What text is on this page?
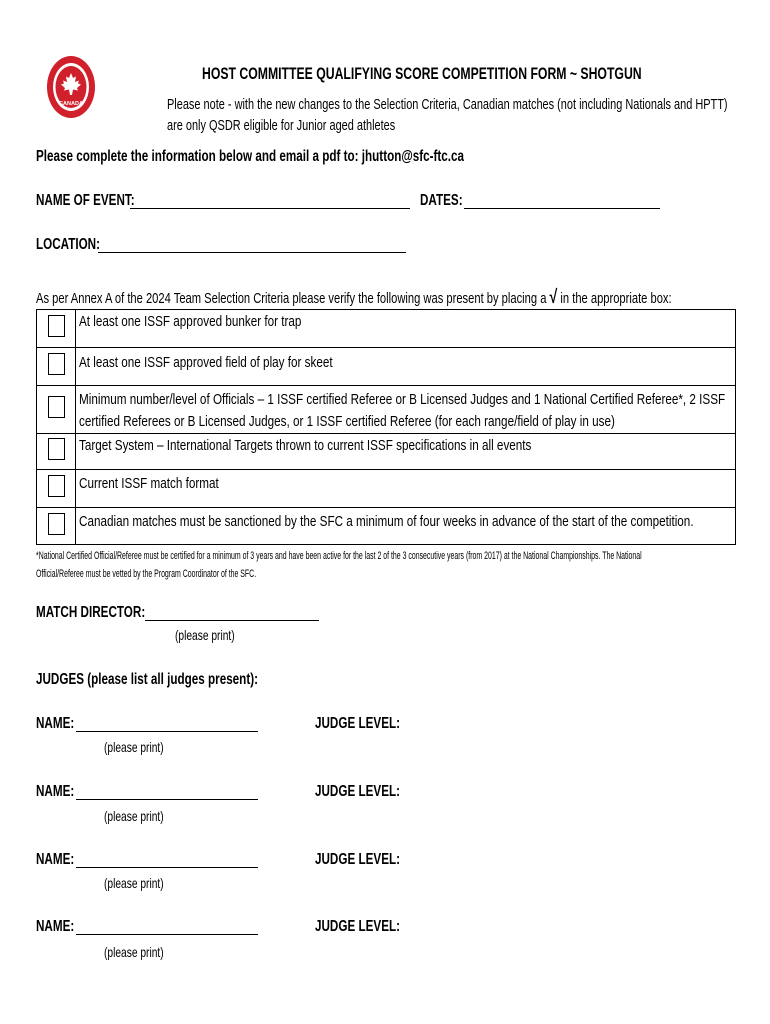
CANADA
HOST COMMITTEE QUALIFYING SCORE COMPETITION FORM ~ SHOTGUN
Please note - with the new changes to the Selection Criteria, Canadian matches (not including Nationals and HPTT)
are only QSDR eligible for Junior aged athletes
Please complete the information below and email a pdf to: jhutton@sfc-ftc.ca
NAME OF EVENT:	DATES:
LOCATION:
As per Annex A of the 2024 Team Selection Criteria please verify the following was present by placing a √ in the appropriate box:

	At least one ISSF approved bunker for trap

	At least one ISSF approved field of play for skeet

	Minimum number/level of Officials – 1 ISSF certified Referee or B Licensed Judges and 1 National Certified Referee*, 2 ISSF certified Referees or B Licensed Judges, or 1 ISSF certified Referee (for each range/field of play in use)

	Target System – International Targets thrown to current ISSF specifications in all events

	Current ISSF match format

	Canadian matches must be sanctioned by the SFC a minimum of four weeks in advance of the start of the competition.
*National Certified Official/Referee must be certified for a minimum of 3 years and have been active for the last 2 of the 3 consecutive years (from 2017) at the National Championships. The National
Official/Referee must be vetted by the Program Coordinator of the SFC.
MATCH DIRECTOR:
(please print)
JUDGES (please list all judges present):
NAME:	JUDGE LEVEL:
(please print)
NAME:	JUDGE LEVEL:
(please print)
NAME:	JUDGE LEVEL:
(please print)
NAME:	JUDGE LEVEL:
(please print)
